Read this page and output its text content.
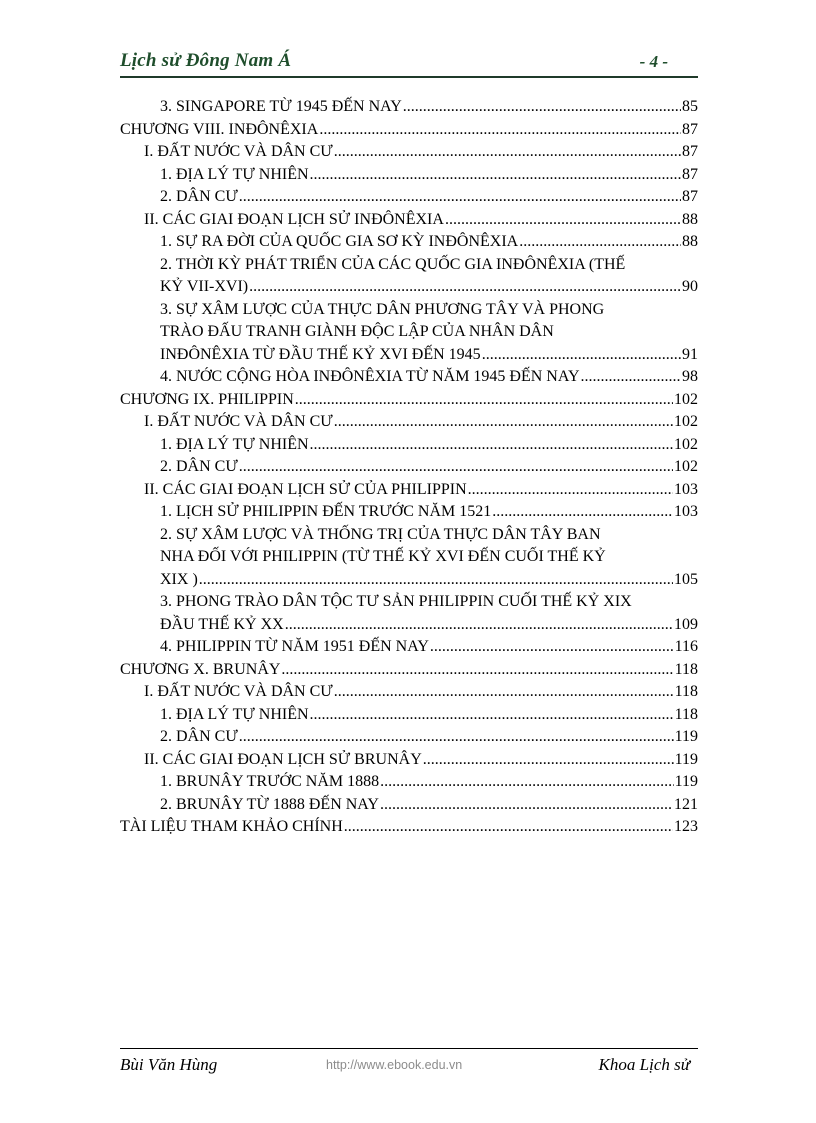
Lịch sử Đông Nam Á	- 4 -
3. SINGAPORE TỪ 1945 ĐẾN NAY .....	85
CHƯƠNG VIII. INĐÔNÊXIA .....	87
I. ĐẤT NƯỚC VÀ DÂN CƯ .....	87
1. ĐỊA LÝ TỰ NHIÊN .....	87
2. DÂN CƯ .....	87
II. CÁC GIAI ĐOẠN LỊCH SỬ INĐÔNÊXIA .....	88
1. SỰ RA ĐỜI CỦA QUỐC GIA SƠ KỲ INĐÔNÊXIA .....	88
2. THỜI KỲ PHÁT TRIỂN CỦA CÁC QUỐC GIA INĐÔNÊXIA (THẾ
KỶ VII-XVI) .....	90
3. SỰ XÂM LƯỢC CỦA THỰC DÂN PHƯƠNG TÂY VÀ PHONG
TRÀO ĐẤU TRANH GIÀNH ĐỘC LẬP CỦA NHÂN DÂN
INĐÔNÊXIA TỪ ĐẦU THẾ KỶ XVI ĐẾN 1945 .....	91
4. NƯỚC CỘNG HÒA INĐÔNÊXIA TỪ NĂM 1945 ĐẾN NAY .....	98
CHƯƠNG IX. PHILIPPIN .....	102
I. ĐẤT NƯỚC VÀ DÂN CƯ .....	102
1. ĐỊA LÝ TỰ NHIÊN .....	102
2. DÂN CƯ .....	102
II. CÁC GIAI ĐOẠN LỊCH SỬ CỦA PHILIPPIN .....	103
1. LỊCH SỬ PHILIPPIN ĐẾN TRƯỚC NĂM 1521 .....	103
2. SỰ XÂM LƯỢC VÀ THỐNG TRỊ CỦA THỰC DÂN TÂY BAN
NHA ĐỐI VỚI PHILIPPIN (TỪ THẾ KỶ XVI ĐẾN CUỐI THẾ KỶ
XIX ) .....	105
3. PHONG TRÀO DÂN TỘC TƯ SẢN PHILIPPIN CUỐI THẾ KỶ XIX
ĐẦU THẾ KỶ XX .....	109
4. PHILIPPIN TỪ NĂM 1951 ĐẾN NAY .....	116
CHƯƠNG X. BRUNÂY .....	118
I. ĐẤT NƯỚC VÀ DÂN CƯ .....	118
1. ĐỊA LÝ TỰ NHIÊN .....	118
2. DÂN CƯ .....	119
II. CÁC GIAI ĐOẠN LỊCH SỬ BRUNÂY .....	119
1. BRUNÂY TRƯỚC NĂM 1888 .....	119
2. BRUNÂY TỪ 1888 ĐẾN NAY .....	121
TÀI LIỆU THAM KHẢO CHÍNH .....	123
Bùi Văn Hùng	http://www.ebook.edu.vn	Khoa Lịch sử
